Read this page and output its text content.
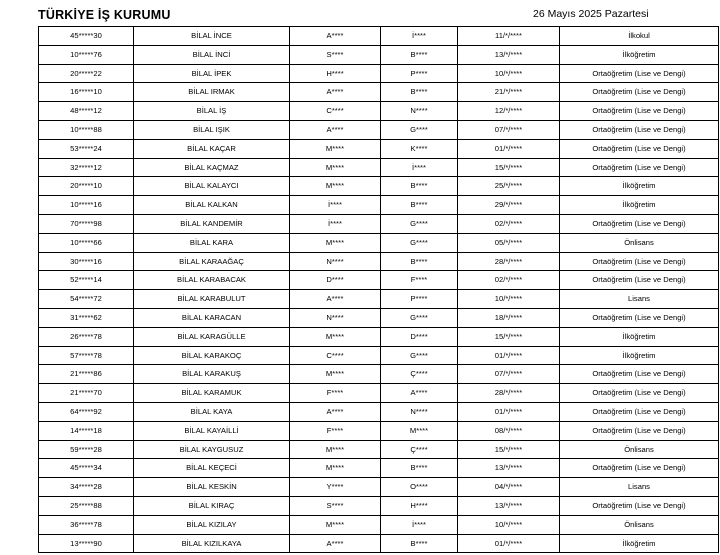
TÜRKİYE İŞ KURUMU	26 Mayıs 2025 Pazartesi
45*****30	BİLAL İNCE	A****	İ****	11/*/****	İlkokul
10*****76	BİLAL İNCİ	S****	B****	13/*/****	İlköğretim
20*****22	BİLAL İPEK	H****	P****	10/*/****	Ortaöğretim (Lise ve Dengi)
16*****10	BİLAL IRMAK	A****	B****	21/*/****	Ortaöğretim (Lise ve Dengi)
48*****12	BİLAL İŞ	C****	N****	12/*/****	Ortaöğretim (Lise ve Dengi)
10*****88	BİLAL IŞIK	A****	G****	07/*/****	Ortaöğretim (Lise ve Dengi)
53*****24	BİLAL KAÇAR	M****	K****	01/*/****	Ortaöğretim (Lise ve Dengi)
32*****12	BİLAL KAÇMAZ	M****	İ****	15/*/****	Ortaöğretim (Lise ve Dengi)
20*****10	BİLAL KALAYCI	M****	B****	25/*/****	İlköğretim
10*****16	BİLAL KALKAN	İ****	B****	29/*/****	İlköğretim
70*****98	BİLAL KANDEMİR	İ****	G****	02/*/****	Ortaöğretim (Lise ve Dengi)
10*****66	BİLAL KARA	M****	G****	05/*/****	Önlisans
30*****16	BİLAL KARAAĞAÇ	N****	B****	28/*/****	Ortaöğretim (Lise ve Dengi)
52*****14	BİLAL KARABACAK	D****	F****	02/*/****	Ortaöğretim (Lise ve Dengi)
54*****72	BİLAL KARABULUT	A****	P****	10/*/****	Lisans
31*****62	BİLAL KARACAN	N****	G****	18/*/****	Ortaöğretim (Lise ve Dengi)
26*****78	BİLAL KARAGÜLLE	M****	D****	15/*/****	İlköğretim
57*****78	BİLAL KARAKOÇ	C****	G****	01/*/****	İlköğretim
21*****86	BİLAL KARAKUŞ	M****	Ç****	07/*/****	Ortaöğretim (Lise ve Dengi)
21*****70	BİLAL KARAMUK	F****	A****	28/*/****	Ortaöğretim (Lise ve Dengi)
64*****92	BİLAL KAYA	A****	N****	01/*/****	Ortaöğretim (Lise ve Dengi)
14*****18	BİLAL KAYAİLLİ	F****	M****	08/*/****	Ortaöğretim (Lise ve Dengi)
59*****28	BİLAL KAYGUSUZ	M****	Ç****	15/*/****	Önlisans
45*****34	BİLAL KEÇECİ	M****	B****	13/*/****	Ortaöğretim (Lise ve Dengi)
34*****28	BİLAL KESKİN	Y****	O****	04/*/****	Lisans
25*****88	BİLAL KIRAÇ	S****	H****	13/*/****	Ortaöğretim (Lise ve Dengi)
36*****78	BİLAL KIZILAY	M****	İ****	10/*/****	Önlisans
13*****90	BİLAL KIZILKAYA	A****	B****	01/*/****	İlköğretim
